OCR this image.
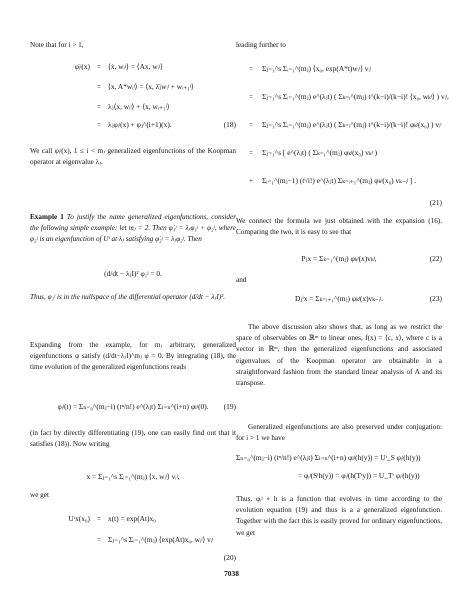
Note that for i > 1,
φ̇ᵢʲ(x) = ⟨ẋ, wᵢʲ⟩ = ⟨Ax, wᵢʲ⟩
= ⟨x, A*wᵢʲ⟩ = ⟨x, λ̄ⱼwᵢʲ + wᵢ₊₁ʲ⟩
= λⱼ⟨x, wᵢʲ⟩ + ⟨x, wᵢ₊₁ʲ⟩
= λⱼφᵢʲ(x) + φⱼ^(i+1)(x).	(18)
We call φᵢʲ(x), 1 ≤ i < mⱼ generalized eigenfunctions of the Koopman operator at eigenvalue λⱼ.
Example 1 To justify the name generalized eigenfunctions, consider the following simple example: let mⱼ = 2. Then φ̇₁ʲ = λⱼφ₁ʲ + φ₂ʲ, where φ₂ʲ is an eigenfunction of Uᵗ at λⱼ satisfying φ̇₂ʲ = λⱼφ₂ʲ. Then
(d/dt − λⱼI)² φ₁ʲ = 0.
Thus, φ₁ʲ is in the nullspace of the differential operator (d/dt − λⱼI)².
Expanding from the example, for mⱼ arbitrary, generalized eigenfunctions φ satisfy (d/dt−λⱼI)^mⱼ φ = 0. By integrating (18), the time evolution of the generalized eigenfunctions reads
φᵢʲ(t) = Σₙ₌₀^(mⱼ−i) (tⁿ/n!) e^(λⱼt) Σₗ₌ₙ^(i+n) φₗʲ(0).	(19)
(in fact by directly differentiating (19), one can easily find out that it satisfies (18)). Now writing
x = Σⱼ₌₁^s Σᵢ₌₁^(mⱼ) ⟨x, wᵢʲ⟩ vᵢʲ,
we get
Uᵗx(x₀) = x(t) = exp(At)x₀
= Σⱼ₌₁^s Σᵢ₌₁^(mⱼ) ⟨exp(At)x₀, wᵢʲ⟩ vᵢʲ
(20)
leading further to
=	Σⱼ₌₁^s Σᵢ₌₁^(mⱼ) ⟨x₀, exp(A*t)wᵢʲ⟩ vᵢʲ
=	Σⱼ₌₁^s Σᵢ₌₁^(mⱼ) e^(λⱼt) ( Σₖ₌ᵢ^(mⱼ) t^(k−i)/(k−i)! ⟨x₀, wₖʲ⟩ ) vᵢʲ,
=	Σⱼ₌₁^s Σᵢ₌₁^(mⱼ) e^(λⱼt) ( Σₖ₌ᵢ^(mⱼ) t^(k−i)/(k−i)! φₖʲ(x₀) ) vᵢʲ
=	Σⱼ₌₁^s [ e^(λⱼt) ( Σₖ₌₁^(mⱼ) φₖʲ(x₀) vₖʲ )
+	Σᵢ₌₁^(mⱼ−1) (tⁱ/i!) e^(λⱼt) Σₖ₌ᵢ₊₁^(mⱼ) φₖʲ(x₀) vₖ₋ᵢʲ ] .
(21)
We connect the formula we just obtained with the expansion (16). Comparing the two, it is easy to see that
Pⱼx = Σₖ₌₁^(mⱼ) φₖʲ(x)vₖʲ,	(22)
and
Dⱼⁱx = Σₖ₌ᵢ₊₁^(mⱼ) φₖʲ(x)vₖ₋ᵢʲ.	(23)
The above discussion also shows that, as long as we restrict the space of observables on ℝᵐ to linear ones, f(x) = ⟨c, x⟩, where c is a vector in ℝᵐ, then the generalized eigenfunctions and associated eigenvalues of the Koopman operator are obtainable in a straightforward fashion from the standard linear analysis of A and its transpose.
Generalized eigenfunctions are also preserved under conjugation: for i > 1 we have
Σₙ₌₀^(mⱼ−i) (tⁿ/n!) e^(λⱼt) Σₗ₌ₙ^(i+n) φₗʲ(h(y)) = Uᵗ_S φᵢʲ(h(y))
= φᵢʲ(Sᵗh(y)) = φᵢʲ(h(Tᵗy)) = U_Tᵗ φᵢʲ(h(y))
Thus, φᵢʲ ∘ h is a function that evolves in time according to the evolution equation (19) and thus is a a generalized eigenfunction. Together with the fact this is easily proved for ordinary eigenfunctions, we get
7038
